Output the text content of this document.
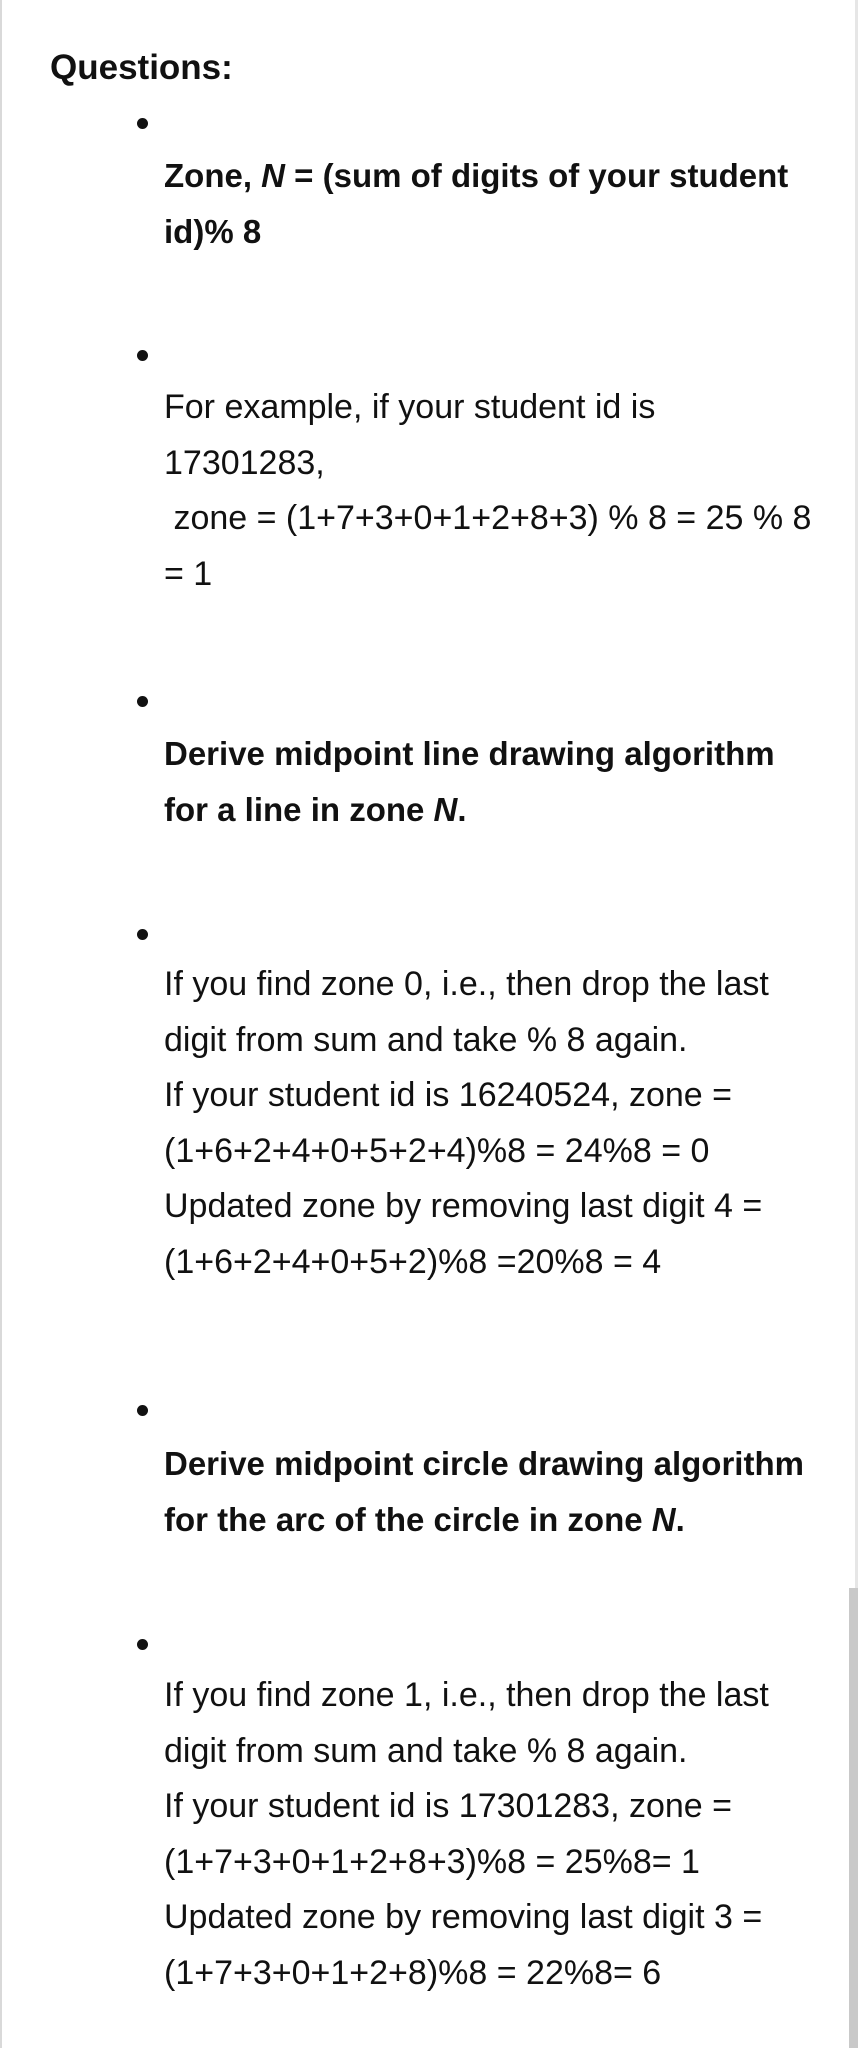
Questions:
Zone, N = (sum of digits of your student
id)% 8
For example, if your student id is
17301283,
zone = (1+7+3+0+1+2+8+3) % 8 = 25 % 8
= 1
Derive midpoint line drawing algorithm
for a line in zone N.
If you find zone 0, i.e., then drop the last
digit from sum and take % 8 again.
If your student id is 16240524, zone =
(1+6+2+4+0+5+2+4)%8 = 24%8 = 0
Updated zone by removing last digit 4 =
(1+6+2+4+0+5+2)%8 =20%8 = 4
Derive midpoint circle drawing algorithm
for the arc of the circle in zone N.
If you find zone 1, i.e., then drop the last
digit from sum and take % 8 again.
If your student id is 17301283, zone =
(1+7+3+0+1+2+8+3)%8 = 25%8= 1
Updated zone by removing last digit 3 =
(1+7+3+0+1+2+8)%8 = 22%8= 6
